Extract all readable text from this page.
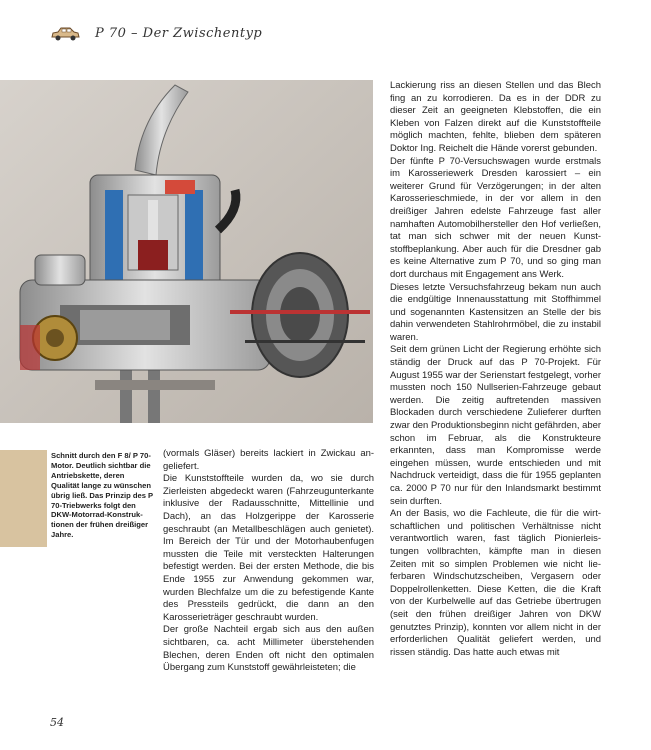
P 70 – Der Zwischentyp

Schnitt durch den F 8/ P 70-Motor. Deutlich sichtbar die Antriebskette, deren Qualität lange zu wünschen übrig ließ. Das Prinzip des P 70-Triebwerks folgt den DKW-Motorrad-Konstruktionen der frühen dreißiger Jahre.

(vormals Gläser) bereits lackiert in Zwickau angeliefert.

Die Kunststoffteile wurden da, wo sie durch Zierleisten abgedeckt waren (Fahrzeugunterkante inklusive der Radausschnitte, Mittellinie und Dach), an das Holzgerippe der Karosserie geschraubt (an Metallbeschlägen auch genietet). Im Bereich der Tür und der Motorhaubenfugen mussten die Teile mit versteckten Halterungen befestigt werden. Bei der ersten Methode, die bis Ende 1955 zur Anwendung gekommen war, wurden Blechfalze um die zu befestigende Kante des Pressteils gedrückt, die dann an den Karosserieträger geschraubt wurden.

Der große Nachteil ergab sich aus den außen sichtbaren, ca. acht Millimeter überstehenden Blechen, deren Enden oft nicht den optimalen Übergang zum Kunststoff gewährleisteten; die

Lackierung riss an diesen Stellen und das Blech fing an zu korrodieren. Da es in der DDR zu dieser Zeit an geeigneten Klebstoffen, die ein Kleben von Falzen direkt auf die Kunststoffteile möglich machten, fehlte, blieben dem späteren Doktor Ing. Reichelt die Hände vorerst gebunden.

Der fünfte P 70-Versuchswagen wurde erstmals im Karosseriewerk Dresden karossiert – ein weiterer Grund für Verzögerungen; in der alten Karosserieschmiede, in der vor allem in den dreißiger Jahren edelste Fahrzeuge fast aller namhaften Automobilhersteller den Hof verließen, tat man sich schwer mit der neuen Kunststoffbeplankung. Aber auch für die Dresdner gab es keine Alternative zum P 70, und so ging man dort durchaus mit Engagement ans Werk.

Dieses letzte Versuchsfahrzeug bekam nun auch die endgültige Innenausstattung mit Stoffhimmel und sogenannten Kastensitzen an Stelle der bis dahin verwendeten Stahlrohrmöbel, die zu instabil waren.

Seit dem grünen Licht der Regierung erhöhte sich ständig der Druck auf das P 70-Projekt. Für August 1955 war der Serienstart festgelegt, vorher mussten noch 150 Nullserien-Fahrzeuge gebaut werden. Die zeitig auftretenden massiven Blockaden durch verschiedene Zulieferer durften zwar den Produktionsbeginn nicht gefährden, aber schon im Februar, als die Konstrukteure erkannten, dass man Kompromisse werde eingehen müssen, wurde entschieden und mit Nachdruck verteidigt, dass die für 1955 geplanten ca. 2000 P 70 nur für den Inlandsmarkt bestimmt sein durften.

An der Basis, wo die Fachleute, die für die wirtschaftlichen und politischen Verhältnisse nicht verantwortlich waren, fast täglich Pionierleistungen vollbrachten, kämpfte man in diesen Zeiten mit so simplen Problemen wie nicht lieferbaren Windschutzscheiben, Vergasern oder Doppelrollenketten. Diese Ketten, die die Kraft von der Kurbelwelle auf das Getriebe übertrugen (seit den frühen dreißiger Jahren von DKW genutztes Prinzip), konnten vor allem nicht in der erforderlichen Qualität geliefert werden, und rissen ständig. Das hatte auch etwas mit

54
